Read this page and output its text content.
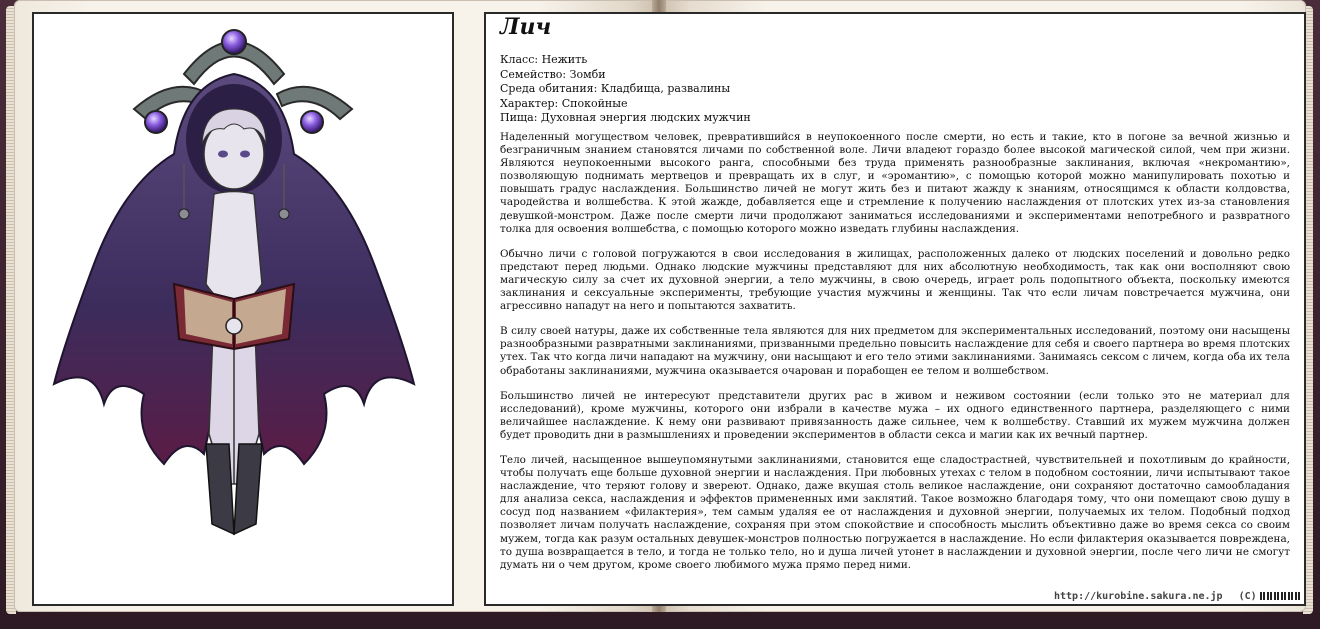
Лич
Класс: Нежить
Семейство: Зомби
Среда обитания: Кладбища, развалины
Характер: Спокойные
Пища: Духовная энергия людских мужчин

Наделенный могуществом человек, превратившийся в неупокоенного после смерти, но есть и такие, кто в погоне за вечной жизнью и безграничным знанием становятся личами по собственной воле. Личи владеют гораздо более высокой магической силой, чем при жизни. Являются неупокоенными высокого ранга, способными без труда применять разнообразные заклинания, включая «некромантию», позволяющую поднимать мертвецов и превращать их в слуг, и «эромантию», с помощью которой можно манипулировать похотью и повышать градус наслаждения. Большинство личей не могут жить без и питают жажду к знаниям, относящимся к области колдовства, чародейства и волшебства. К этой жажде, добавляется еще и стремление к получению наслаждения от плотских утех из-за становления девушкой-монстром. Даже после смерти личи продолжают заниматься исследованиями и экспериментами непотребного и развратного толка для освоения волшебства, с помощью которого можно изведать глубины наслаждения.

Обычно личи с головой погружаются в свои исследования в жилищах, расположенных далеко от людских поселений и довольно редко предстают перед людьми. Однако людские мужчины представляют для них абсолютную необходимость, так как они восполняют свою магическую силу за счет их духовной энергии, а тело мужчины, в свою очередь, играет роль подопытного объекта, поскольку имеются заклинания и сексуальные эксперименты, требующие участия мужчины и женщины. Так что если личам повстречается мужчина, они агрессивно нападут на него и попытаются захватить.

В силу своей натуры, даже их собственные тела являются для них предметом для экспериментальных исследований, поэтому они насыщены разнообразными развратными заклинаниями, призванными предельно повысить наслаждение для себя и своего партнера во время плотских утех. Так что когда личи нападают на мужчину, они насыщают и его тело этими заклинаниями. Занимаясь сексом с личем, когда оба их тела обработаны заклинаниями, мужчина оказывается очарован и порабощен ее телом и волшебством.

Большинство личей не интересуют представители других рас в живом и неживом состоянии (если только это не материал для исследований), кроме мужчины, которого они избрали в качестве мужа – их одного единственного партнера, разделяющего с ними величайшее наслаждение. К нему они развивают привязанность даже сильнее, чем к волшебству. Ставший их мужем мужчина должен будет проводить дни в размышлениях и проведении экспериментов в области секса и магии как их вечный партнер.

Тело личей, насыщенное вышеупомянутыми заклинаниями, становится еще сладострастней, чувствительней и похотливым до крайности, чтобы получать еще больше духовной энергии и наслаждения. При любовных утехах с телом в подобном состоянии, личи испытывают такое наслаждение, что теряют голову и звереют. Однако, даже вкушая столь великое наслаждение, они сохраняют достаточно самообладания для анализа секса, наслаждения и эффектов примененных ими заклятий. Такое возможно благодаря тому, что они помещают свою душу в сосуд под названием «филактерия», тем самым удаляя ее от наслаждения и духовной энергии, получаемых их телом. Подобный подход позволяет личам получать наслаждение, сохраняя при этом спокойствие и способность мыслить объективно даже во время секса со своим мужем, тогда как разум остальных девушек-монстров полностью погружается в наслаждение. Но если филактерия оказывается повреждена, то душа возвращается в тело, и тогда не только тело, но и душа личей утонет в наслаждении и духовной энергии, после чего личи не смогут думать ни о чем другом, кроме своего любимого мужа прямо перед ними.

http://kurobine.sakura.ne.jp (C)
